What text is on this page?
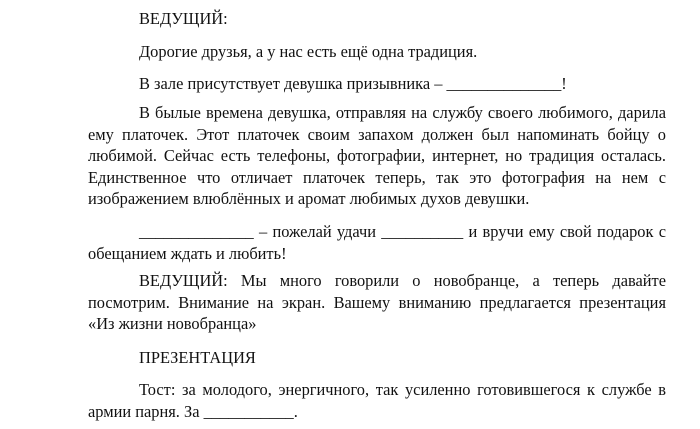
ВЕДУЩИЙ:

Дорогие друзья, а у нас есть ещё одна традиция.

В зале присутствует девушка призывника – ______________!

В былые времена девушка, отправляя на службу своего любимого, дарила ему платочек. Этот платочек своим запахом должен был напоминать бойцу о любимой. Сейчас есть телефоны, фотографии, интернет, но традиция осталась. Единственное что отличает платочек теперь, так это фотография на нем с изображением влюблённых и аромат любимых духов девушки.

______________ – пожелай удачи __________ и вручи ему свой подарок с обещанием ждать и любить!

ВЕДУЩИЙ: Мы много говорили о новобранце, а теперь давайте посмотрим. Внимание на экран. Вашему вниманию предлагается презентация «Из жизни новобранца»

ПРЕЗЕНТАЦИЯ

Тост: за молодого, энергичного, так усиленно готовившегося к службе в армии парня. За ___________.
